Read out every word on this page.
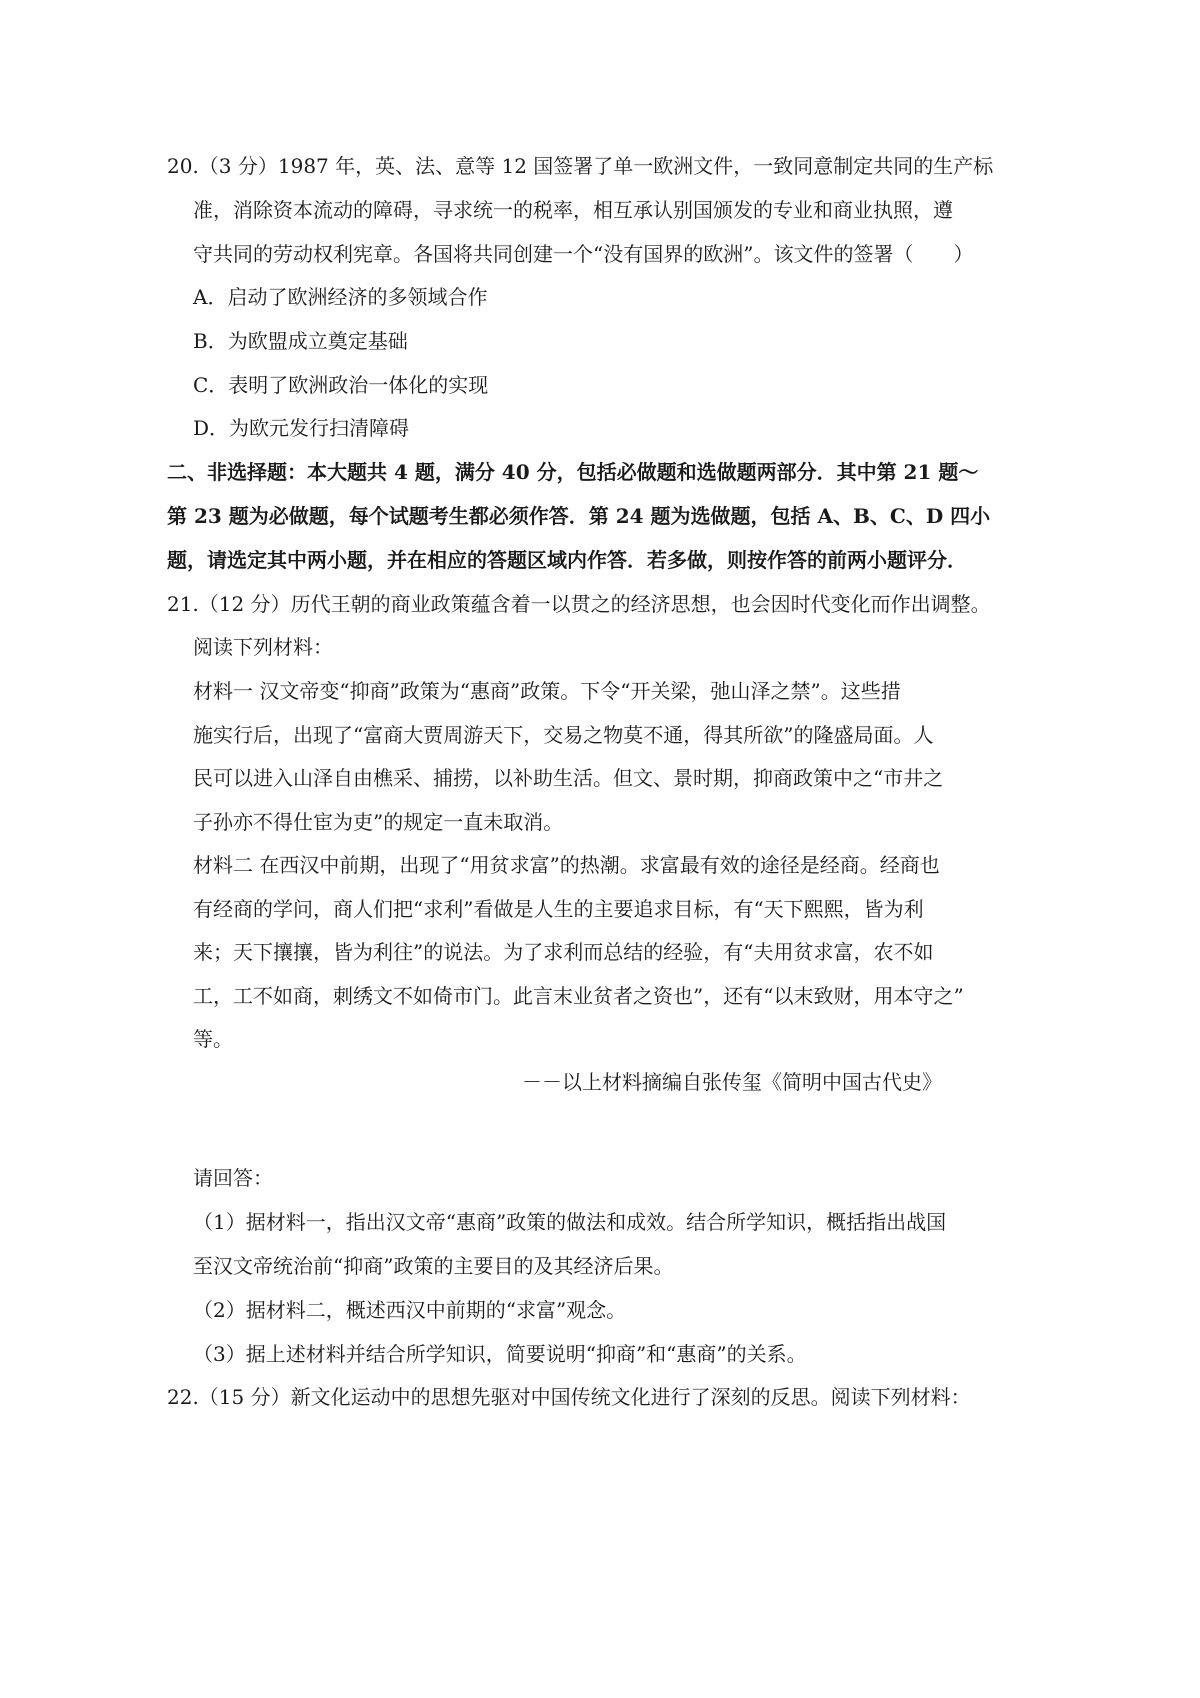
20.（3 分）1987 年，英、法、意等 12 国签署了单一欧洲文件，一致同意制定共同的生产标
准，消除资本流动的障碍，寻求统一的税率，相互承认别国颁发的专业和商业执照，遵
守共同的劳动权利宪章。各国将共同创建一个“没有国界的欧洲”。该文件的签署（　　）
A．启动了欧洲经济的多领域合作
B．为欧盟成立奠定基础
C．表明了欧洲政治一体化的实现
D．为欧元发行扫清障碍
二、非选择题：本大题共 4 题，满分 40 分，包括必做题和选做题两部分．其中第 21 题～
第 23 题为必做题，每个试题考生都必须作答．第 24 题为选做题，包括 A、B、C、D 四小
题，请选定其中两小题，并在相应的答题区域内作答．若多做，则按作答的前两小题评分．
21.（12 分）历代王朝的商业政策蕴含着一以贯之的经济思想，也会因时代变化而作出调整。
阅读下列材料：
材料一 汉文帝变“抑商”政策为“惠商”政策。下令“开关梁，弛山泽之禁”。这些措
施实行后，出现了“富商大贾周游天下，交易之物莫不通，得其所欲”的隆盛局面。人
民可以进入山泽自由樵采、捕捞，以补助生活。但文、景时期，抑商政策中之“市井之
子孙亦不得仕宦为吏”的规定一直未取消。
材料二 在西汉中前期，出现了“用贫求富”的热潮。求富最有效的途径是经商。经商也
有经商的学问，商人们把“求利”看做是人生的主要追求目标，有“天下熙熙，皆为利
来；天下攘攘，皆为利往”的说法。为了求利而总结的经验，有“夫用贫求富，农不如
工，工不如商，刺绣文不如倚市门。此言末业贫者之资也”，还有“以末致财，用本守之”
等。
－－以上材料摘编自张传玺《简明中国古代史》
请回答：
（1）据材料一，指出汉文帝“惠商”政策的做法和成效。结合所学知识，概括指出战国
至汉文帝统治前“抑商”政策的主要目的及其经济后果。
（2）据材料二，概述西汉中前期的“求富”观念。
（3）据上述材料并结合所学知识，简要说明“抑商”和“惠商”的关系。
22.（15 分）新文化运动中的思想先驱对中国传统文化进行了深刻的反思。阅读下列材料：
